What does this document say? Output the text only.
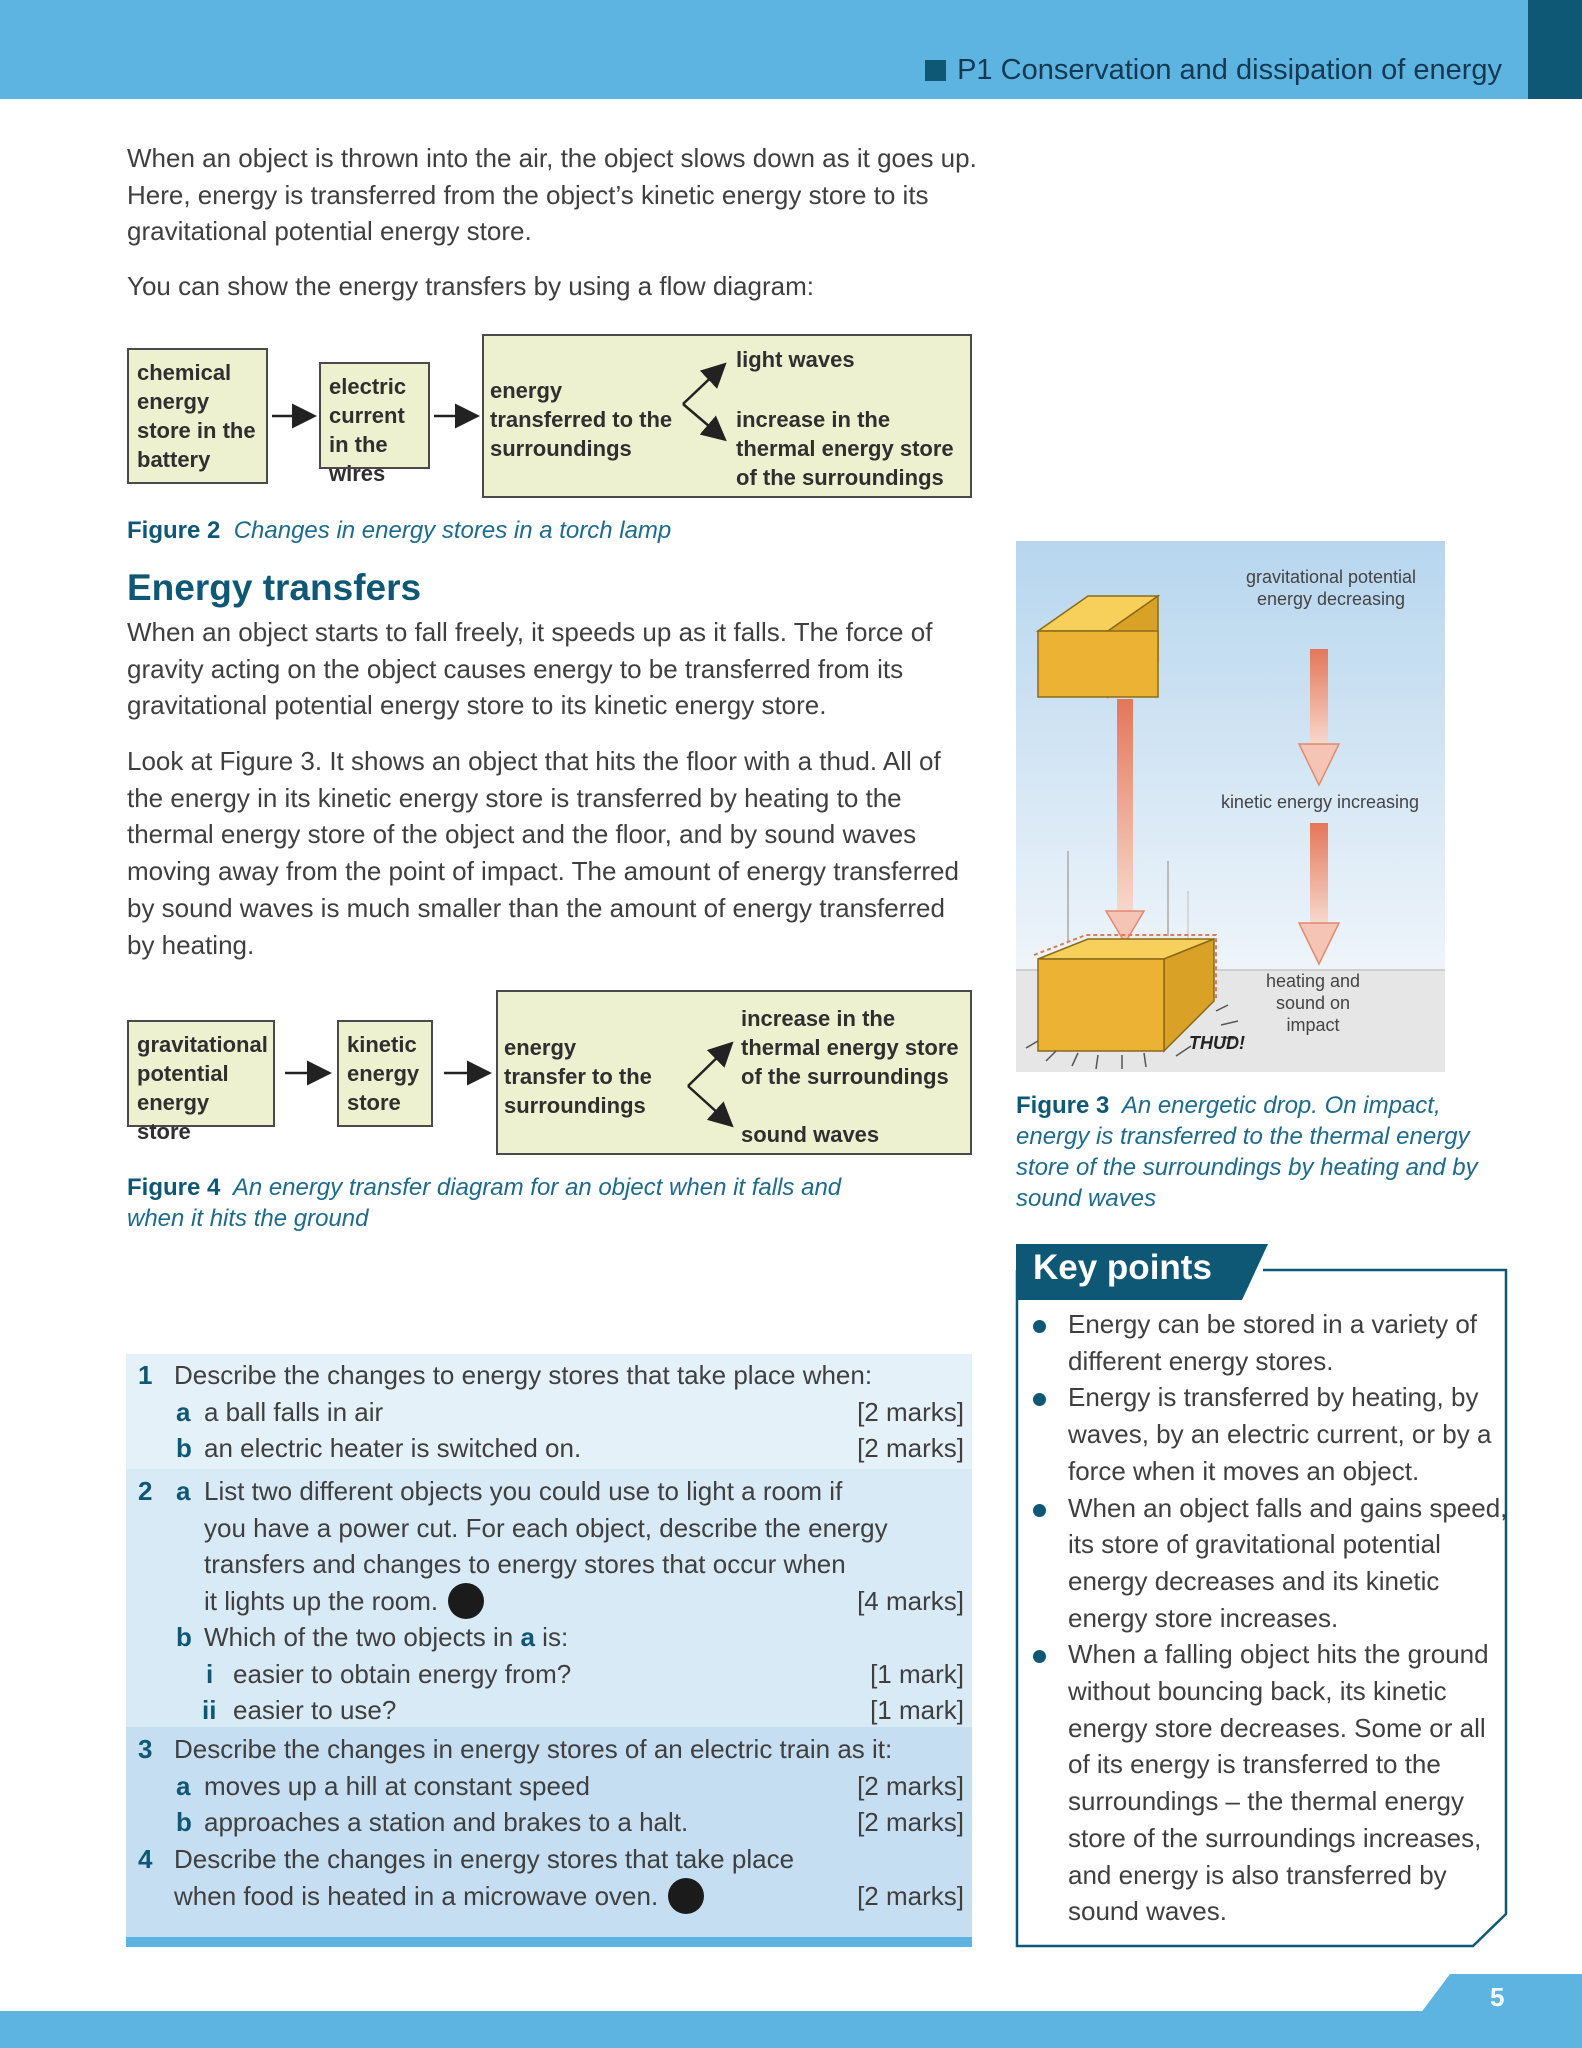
P1 Conservation and dissipation of energy
When an object is thrown into the air, the object slows down as it goes up. Here, energy is transferred from the object’s kinetic energy store to its gravitational potential energy store.
You can show the energy transfers by using a flow diagram:
chemical energy store in the battery
electric current in the wires
energy transferred to the surroundings
light waves
increase in the thermal energy store of the surroundings
Figure 2 Changes in energy stores in a torch lamp
Energy transfers
When an object starts to fall freely, it speeds up as it falls. The force of gravity acting on the object causes energy to be transferred from its gravitational potential energy store to its kinetic energy store.
Look at Figure 3. It shows an object that hits the floor with a thud. All of the energy in its kinetic energy store is transferred by heating to the thermal energy store of the object and the floor, and by sound waves moving away from the point of impact. The amount of energy transferred by sound waves is much smaller than the amount of energy transferred by heating.
gravitational potential energy store
kinetic energy store
energy transfer to the surroundings
increase in the thermal energy store of the surroundings
sound waves
Figure 4 An energy transfer diagram for an object when it falls and when it hits the ground
gravitational potential energy decreasing
kinetic energy increasing
heating and sound on impact
THUD!
Figure 3 An energetic drop. On impact, energy is transferred to the thermal energy store of the surroundings by heating and by sound waves
1 Describe the changes to energy stores that take place when:
a a ball falls in air	[2 marks]
b an electric heater is switched on.	[2 marks]
2 a List two different objects you could use to light a room if
you have a power cut. For each object, describe the energy
transfers and changes to energy stores that occur when
it lights up the room.	[4 marks]
b Which of the two objects in a is:
i easier to obtain energy from?	[1 mark]
ii easier to use?	[1 mark]
3 Describe the changes in energy stores of an electric train as it:
a moves up a hill at constant speed	[2 marks]
b approaches a station and brakes to a halt.	[2 marks]
4 Describe the changes in energy stores that take place
when food is heated in a microwave oven.	[2 marks]
Key points
Energy can be stored in a variety of different energy stores.
Energy is transferred by heating, by waves, by an electric current, or by a force when it moves an object.
When an object falls and gains speed, its store of gravitational potential energy decreases and its kinetic energy store increases.
When a falling object hits the ground without bouncing back, its kinetic energy store decreases. Some or all of its energy is transferred to the surroundings – the thermal energy store of the surroundings increases, and energy is also transferred by sound waves.
5
